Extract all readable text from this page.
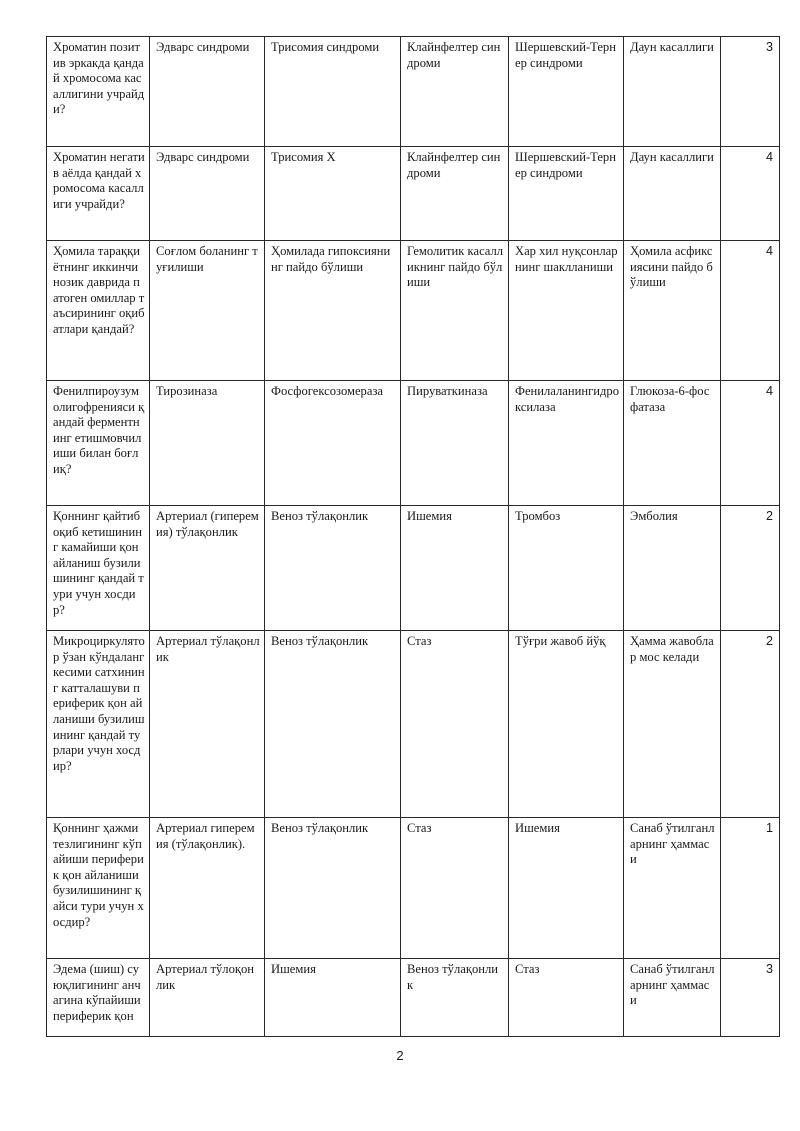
Хроматин позитив эркакда қандай хромосома касаллигини учрайди?	Эдварс синдроми	Трисомия синдроми	Клайнфелтер синдроми	Шершевский-Тернер синдроми	Даун касаллиги	3
Хроматин негатив аёлда қандай хромосома касаллиги учрайди?	Эдварс синдроми	Трисомия Х	Клайнфелтер синдроми	Шершевский-Тернер синдроми	Даун касаллиги	4
Ҳомила тараққиётнинг иккинчи нозик даврида патоген омиллар таъсирининг оқибатлари қандай?	Соғлом боланинг туғилиши	Ҳомилада гипоксиянинг пайдо бўлиши	Гемолитик касалликнинг пайдо бўлиши	Хар хил нуқсонларнинг шаклланиши	Ҳомила асфиксиясини пайдо бўлиши	4
Фенилпироузум олигофренияси қандай ферментнинг етишмовчилиши билан боғлиқ?	Тирозиназа	Фосфогексозомераза	Пируваткиназа	Фенилаланингидроксилаза	Глюкоза-6-фосфатаза	4
Қоннинг қайтиб оқиб кетишининг камайиши қон айланиш бузилишининг қандай тури учун хосдир?	Артериал (гиперемия) тўлақонлик	Веноз тўлақонлик	Ишемия	Тромбоз	Эмболия	2
Микроциркулятор ўзан кўндаланг кесими сатхининг катталашуви периферик қон айланиши бузилишининг қандай турлари учун хосдир?	Артериал тўлақонлик	Веноз тўлақонлик	Стаз	Тўғри жавоб йўқ	Ҳамма жавоблар мос келади	2
Қоннинг ҳажми тезлигининг кўпайиши периферик қон айланиши бузилишининг қайси тури учун хосдир?	Артериал гиперемия (тўлақонлик).	Веноз тўлақонлик	Стаз	Ишемия	Санаб ўтилганларнинг ҳаммаси	1
Эдема (шиш) суюқлигининг анчагина кўпайиши периферик қон	Артериал тўлоқонлик	Ишемия	Веноз тўлақонлик	Стаз	Санаб ўтилганларнинг ҳаммаси	3
2
